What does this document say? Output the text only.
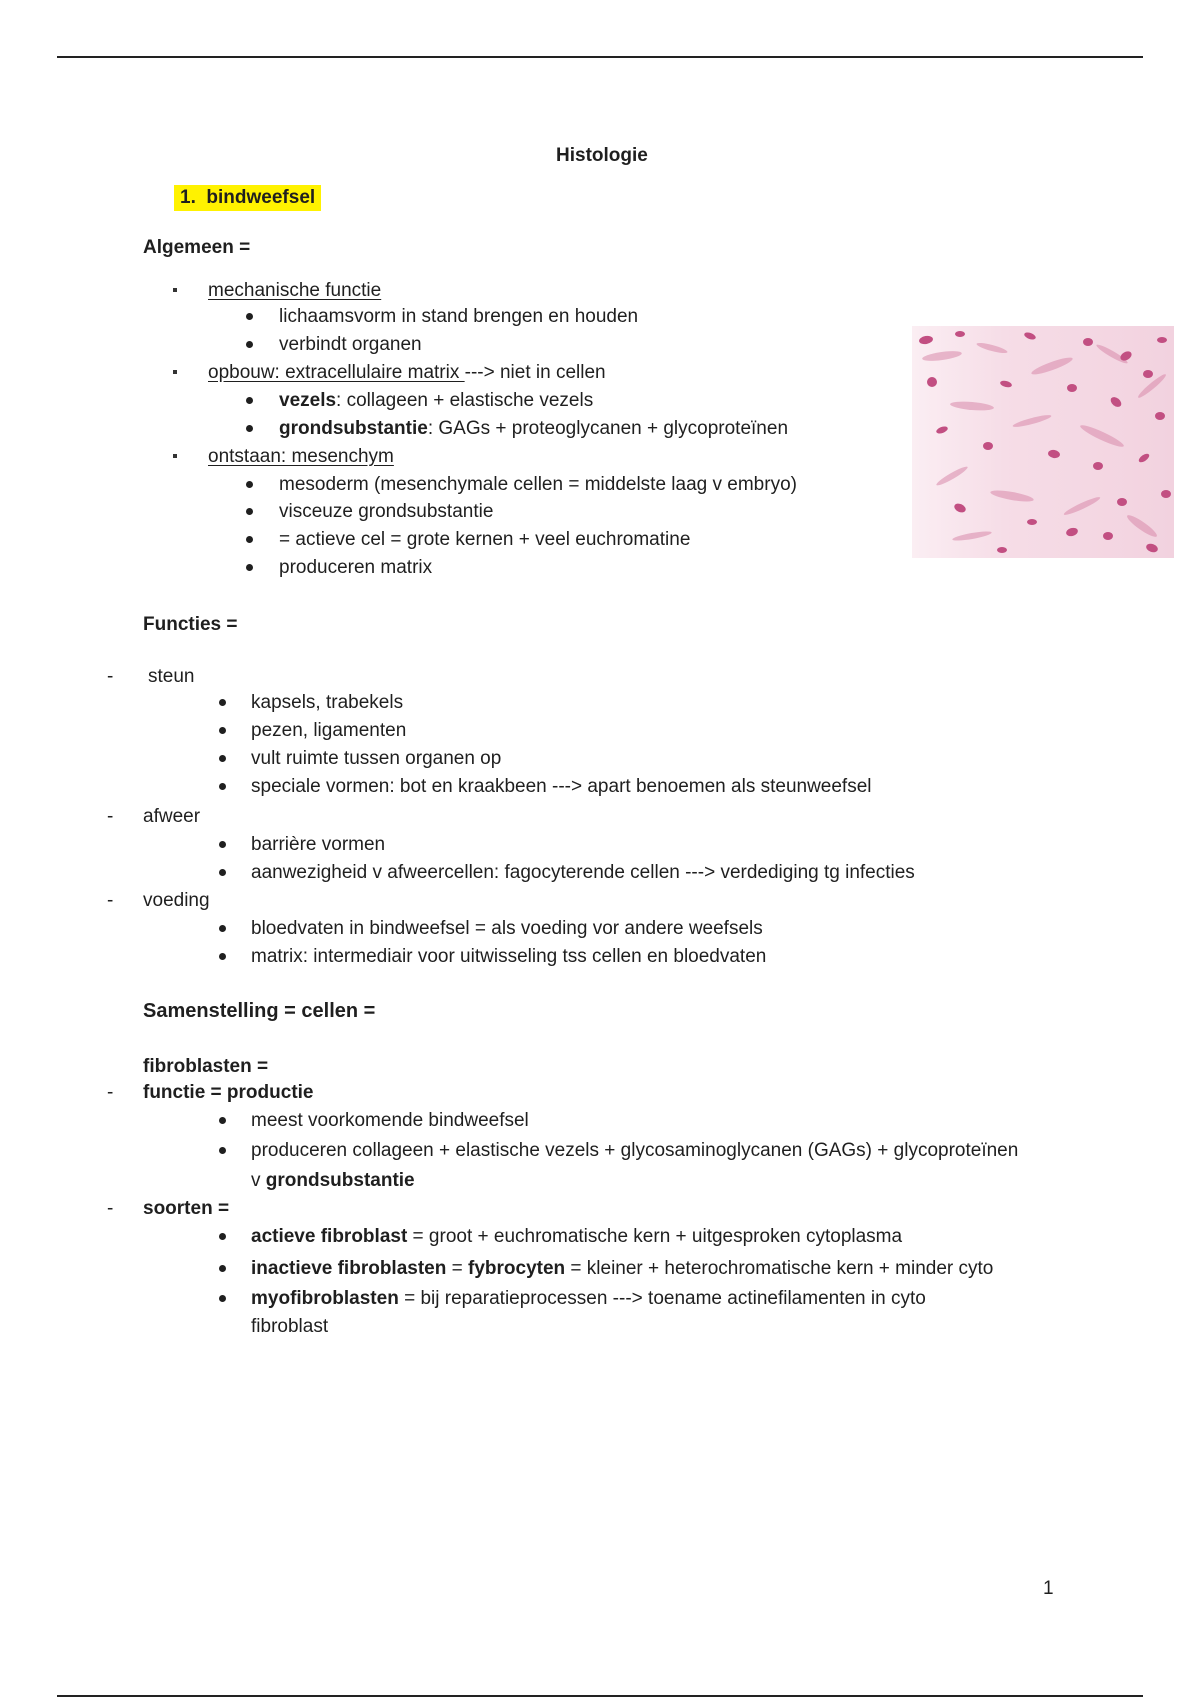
Histologie
1. bindweefsel
Algemeen =
mechanische functie
lichaamsvorm in stand brengen en houden
verbindt organen
opbouw: extracellulaire matrix ---> niet in cellen
vezels: collageen + elastische vezels
grondsubstantie: GAGs + proteoglycanen + glycoproteïnen
ontstaan: mesenchym
mesoderm (mesenchymale cellen = middelste laag v embryo)
visceuze grondsubstantie
= actieve cel = grote kernen + veel euchromatine
produceren matrix
Functies =
- steun
kapsels, trabekels
pezen, ligamenten
vult ruimte tussen organen op
speciale vormen: bot en kraakbeen ---> apart benoemen als steunweefsel
- afweer
barrière vormen
aanwezigheid v afweercellen: fagocyterende cellen ---> verdediging tg infecties
- voeding
bloedvaten in bindweefsel = als voeding vor andere weefsels
matrix: intermediair voor uitwisseling tss cellen en bloedvaten
Samenstelling = cellen =
fibroblasten =
- functie = productie
meest voorkomende bindweefsel
produceren collageen + elastische vezels + glycosaminoglycanen (GAGs) + glycoproteïnen
v grondsubstantie
- soorten =
actieve fibroblast = groot + euchromatische kern + uitgesproken cytoplasma
inactieve fibroblasten = fybrocyten = kleiner + heterochromatische kern + minder cyto
myofibroblasten = bij reparatieprocessen ---> toename actinefilamenten in cyto
fibroblast
1
